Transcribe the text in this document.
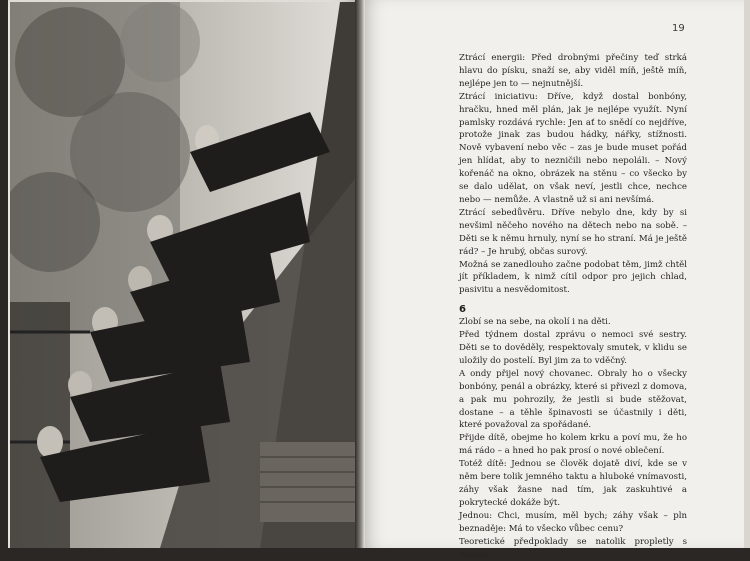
19

Ztrácí energii: Před drobnými přečiny teď strká hlavu do písku, snaží se, aby viděl míň, ještě míň, nejlépe jen to — nejnutnější.

Ztrácí iniciativu: Dříve, když dostal bonbóny, hračku, hned měl plán, jak je nejlépe využít. Nyní pamlsky rozdává rychle: Jen ať to snědí co nejdříve, protože jinak zas budou hádky, nářky, stížnosti. Nově vybavení nebo věc – zas je bude muset pořád jen hlídat, aby to nezničili nebo nepoláli. – Nový kořenáč na okno, obrázek na stěnu – co všecko by se dalo udělat, on však neví, jestli chce, nechce nebo — nemůže. A vlastně už si ani nevšímá.

Ztrácí sebedůvěru. Dříve nebylo dne, kdy by si nevšiml něčeho nového na dětech nebo na sobě. – Děti se k němu hrnuly, nyní se ho straní. Má je ještě rád? – Je hrubý, občas surový.

Možná se zanedlouho začne podobat těm, jimž chtěl jít příkladem, k nimž cítil odpor pro jejich chlad, pasivitu a nesvědomitost.

6

Zlobí se na sebe, na okolí i na děti.

Před týdnem dostal zprávu o nemoci své sestry. Děti se to dověděly, respektovaly smutek, v klidu se uložily do postelí. Byl jim za to vděčný.

A ondy přijel nový chovanec. Obraly ho o všecky bonbóny, penál a obrázky, které si přivezl z domova, a pak mu pohrozily, že jestli si bude stěžovat, dostane – a těhle špinavosti se účastnily i děti, které považoval za spořádané.

Přijde dítě, obejme ho kolem krku a poví mu, že ho má rádo – a hned ho pak prosí o nové oblečení.

Totéž dítě: Jednou se člověk dojatě diví, kde se v něm bere tolik jemného taktu a hluboké vnímavosti, záhy však žasne nad tím, jak zaskuhtivé a pokrytecké dokáže být.

Jednou: Chci, musím, měl bych; záhy však – pln beznaděje: Má to všecko vůbec cenu?

Teoretické předpoklady se natolik propletly s osobní
